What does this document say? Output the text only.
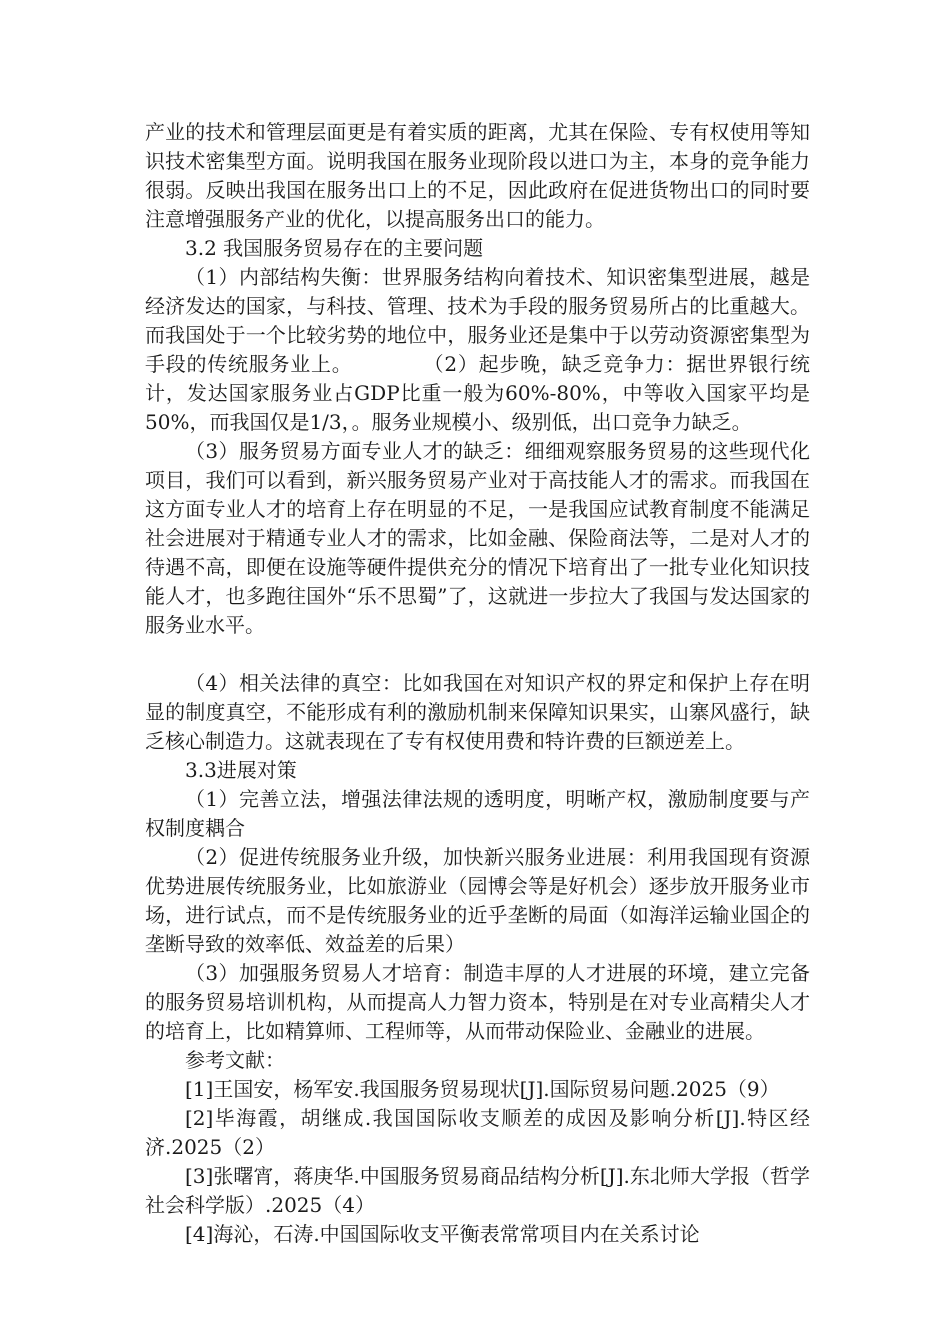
产业的技术和管理层面更是有着实质的距离，尤其在保险、专有权使用等知识技术密集型方面。说明我国在服务业现阶段以进口为主，本身的竞争能力很弱。反映出我国在服务出口上的不足，因此政府在促进货物出口的同时要注意增强服务产业的优化，以提高服务出口的能力。

3.2 我国服务贸易存在的主要问题

（1）内部结构失衡：世界服务结构向着技术、知识密集型进展，越是经济发达的国家，与科技、管理、技术为手段的服务贸易所占的比重越大。而我国处于一个比较劣势的地位中，服务业还是集中于以劳动资源密集型为手段的传统服务业上。          （2）起步晚，缺乏竞争力：据世界银行统计，发达国家服务业占GDP比重一般为60%-80%，中等收入国家平均是50%，而我国仅是1/3，。服务业规模小、级别低，出口竞争力缺乏。

（3）服务贸易方面专业人才的缺乏：细细观察服务贸易的这些现代化项目，我们可以看到，新兴服务贸易产业对于高技能人才的需求。而我国在这方面专业人才的培育上存在明显的不足，一是我国应试教育制度不能满足社会进展对于精通专业人才的需求，比如金融、保险商法等，二是对人才的待遇不高，即便在设施等硬件提供充分的情况下培育出了一批专业化知识技能人才，也多跑往国外“乐不思蜀”了，这就进一步拉大了我国与发达国家的服务业水平。

（4）相关法律的真空：比如我国在对知识产权的界定和保护上存在明显的制度真空，不能形成有利的激励机制来保障知识果实，山寨风盛行，缺乏核心制造力。这就表现在了专有权使用费和特许费的巨额逆差上。

3.3进展对策

（1）完善立法，增强法律法规的透明度，明晰产权，激励制度要与产权制度耦合

（2）促进传统服务业升级，加快新兴服务业进展：利用我国现有资源优势进展传统服务业，比如旅游业（园博会等是好机会）逐步放开服务业市场，进行试点，而不是传统服务业的近乎垄断的局面（如海洋运输业国企的垄断导致的效率低、效益差的后果）

（3）加强服务贸易人才培育：制造丰厚的人才进展的环境，建立完备的服务贸易培训机构，从而提高人力智力资本，特别是在对专业高精尖人才的培育上，比如精算师、工程师等，从而带动保险业、金融业的进展。

参考文献：

[1]王国安，杨军安.我国服务贸易现状[J].国际贸易问题.2025（9）

[2]毕海霞，胡继成.我国国际收支顺差的成因及影响分析[J].特区经济.2025（2）

[3]张曙宵，蒋庚华.中国服务贸易商品结构分析[J].东北师大学报（哲学社会科学版）.2025（4）

[4]海沁，石涛.中国国际收支平衡表常常项目内在关系讨论
